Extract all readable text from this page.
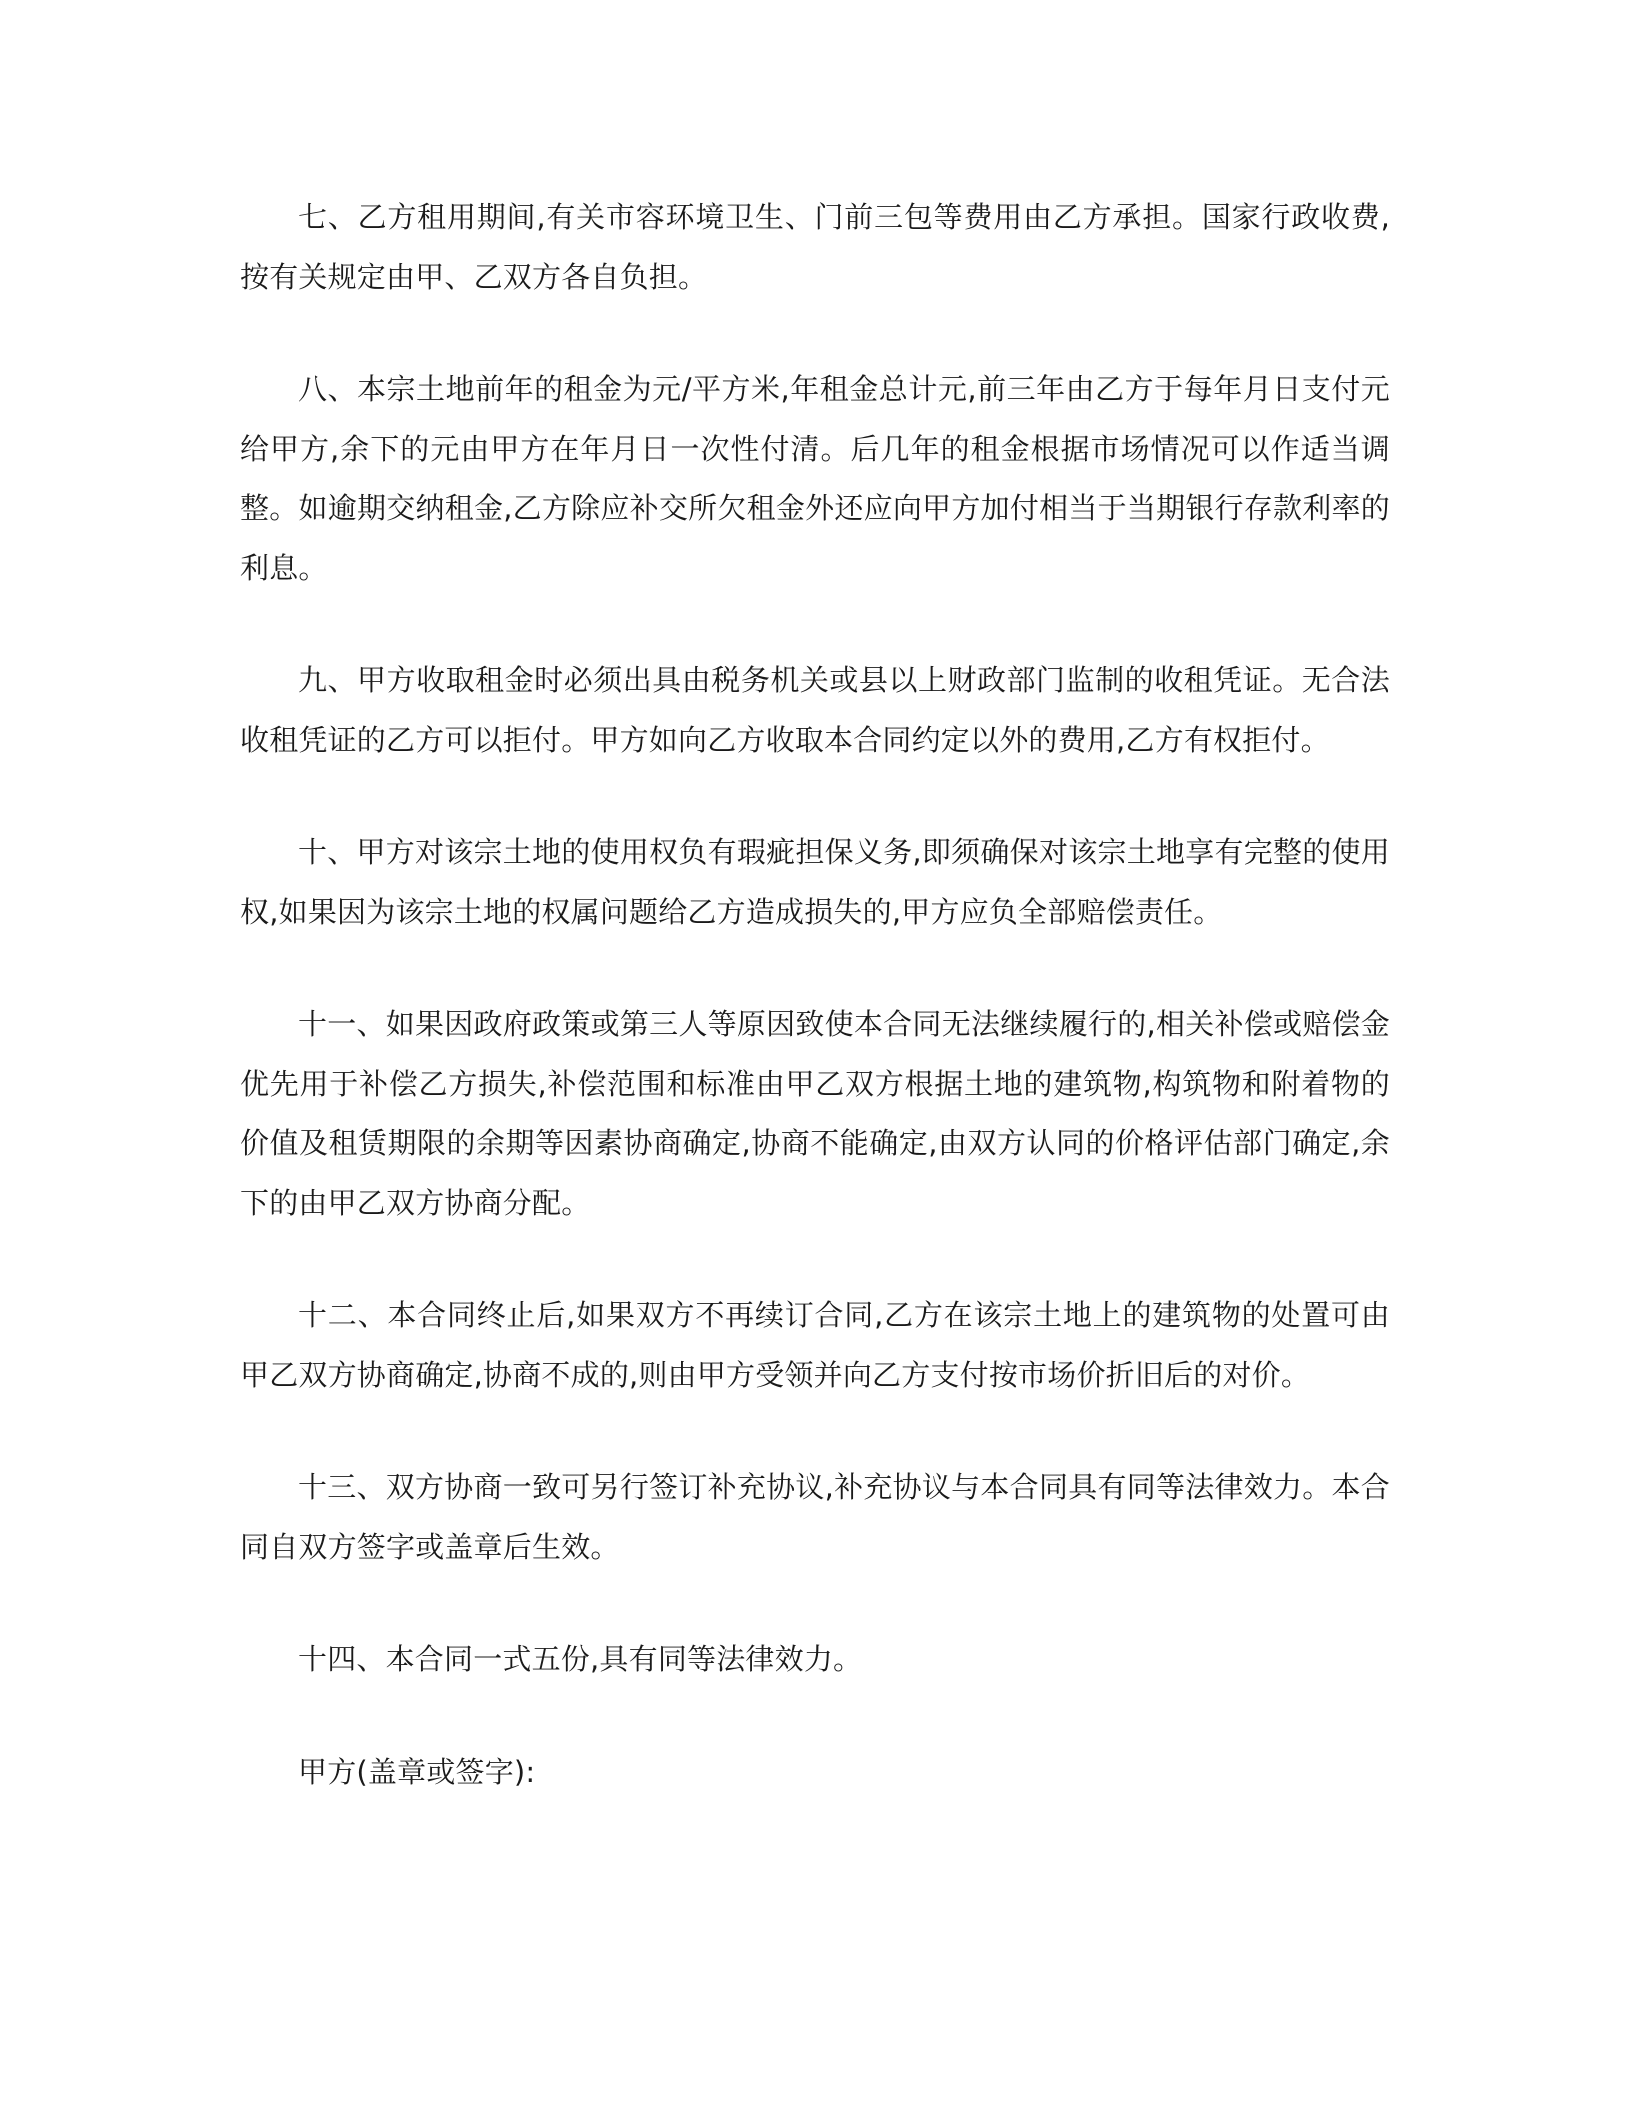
七、乙方租用期间,有关市容环境卫生、门前三包等费用由乙方承担。国家行政收费,按有关规定由甲、乙双方各自负担。

八、本宗土地前年的租金为元/平方米,年租金总计元,前三年由乙方于每年月日支付元给甲方,余下的元由甲方在年月日一次性付清。后几年的租金根据市场情况可以作适当调整。如逾期交纳租金,乙方除应补交所欠租金外还应向甲方加付相当于当期银行存款利率的利息。

九、甲方收取租金时必须出具由税务机关或县以上财政部门监制的收租凭证。无合法收租凭证的乙方可以拒付。甲方如向乙方收取本合同约定以外的费用,乙方有权拒付。

十、甲方对该宗土地的使用权负有瑕疵担保义务,即须确保对该宗土地享有完整的使用权,如果因为该宗土地的权属问题给乙方造成损失的,甲方应负全部赔偿责任。

十一、如果因政府政策或第三人等原因致使本合同无法继续履行的,相关补偿或赔偿金优先用于补偿乙方损失,补偿范围和标准由甲乙双方根据土地的建筑物,构筑物和附着物的价值及租赁期限的余期等因素协商确定,协商不能确定,由双方认同的价格评估部门确定,余下的由甲乙双方协商分配。

十二、本合同终止后,如果双方不再续订合同,乙方在该宗土地上的建筑物的处置可由甲乙双方协商确定,协商不成的,则由甲方受领并向乙方支付按市场价折旧后的对价。

十三、双方协商一致可另行签订补充协议,补充协议与本合同具有同等法律效力。本合同自双方签字或盖章后生效。

十四、本合同一式五份,具有同等法律效力。

甲方(盖章或签字):
